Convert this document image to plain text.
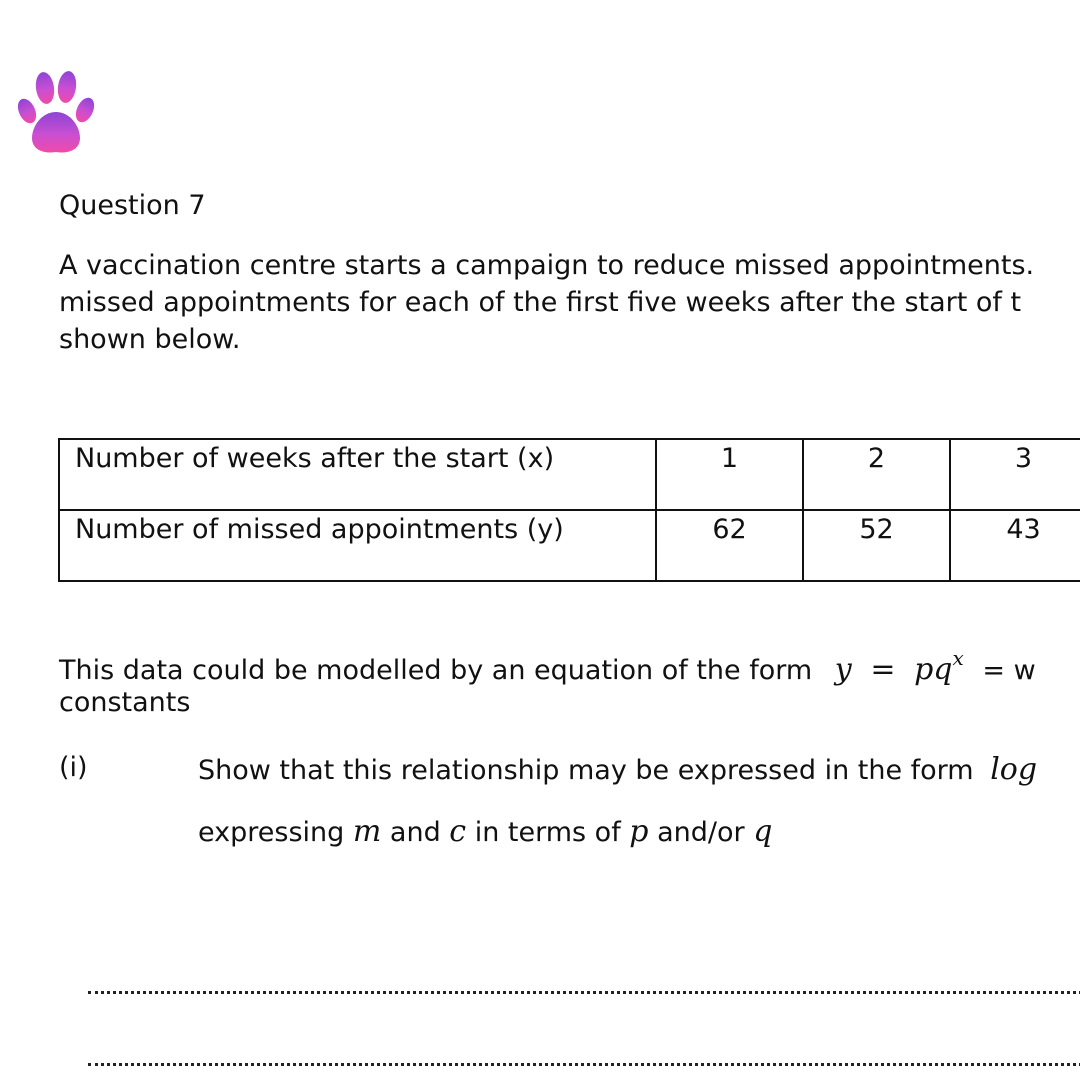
Question 7
A vaccination centre starts a campaign to reduce missed appointments.
missed appointments for each of the first five weeks after the start of t
shown below.
Number of weeks after the start (x)	1	2	3		
Number of missed appointments (y)	62	52	43		
This data could be modelled by an equation of the form $y = pq^x = w$
constants
(i)	Show that this relationship may be expressed in the form log
expressing m and c in terms of p and/or q
